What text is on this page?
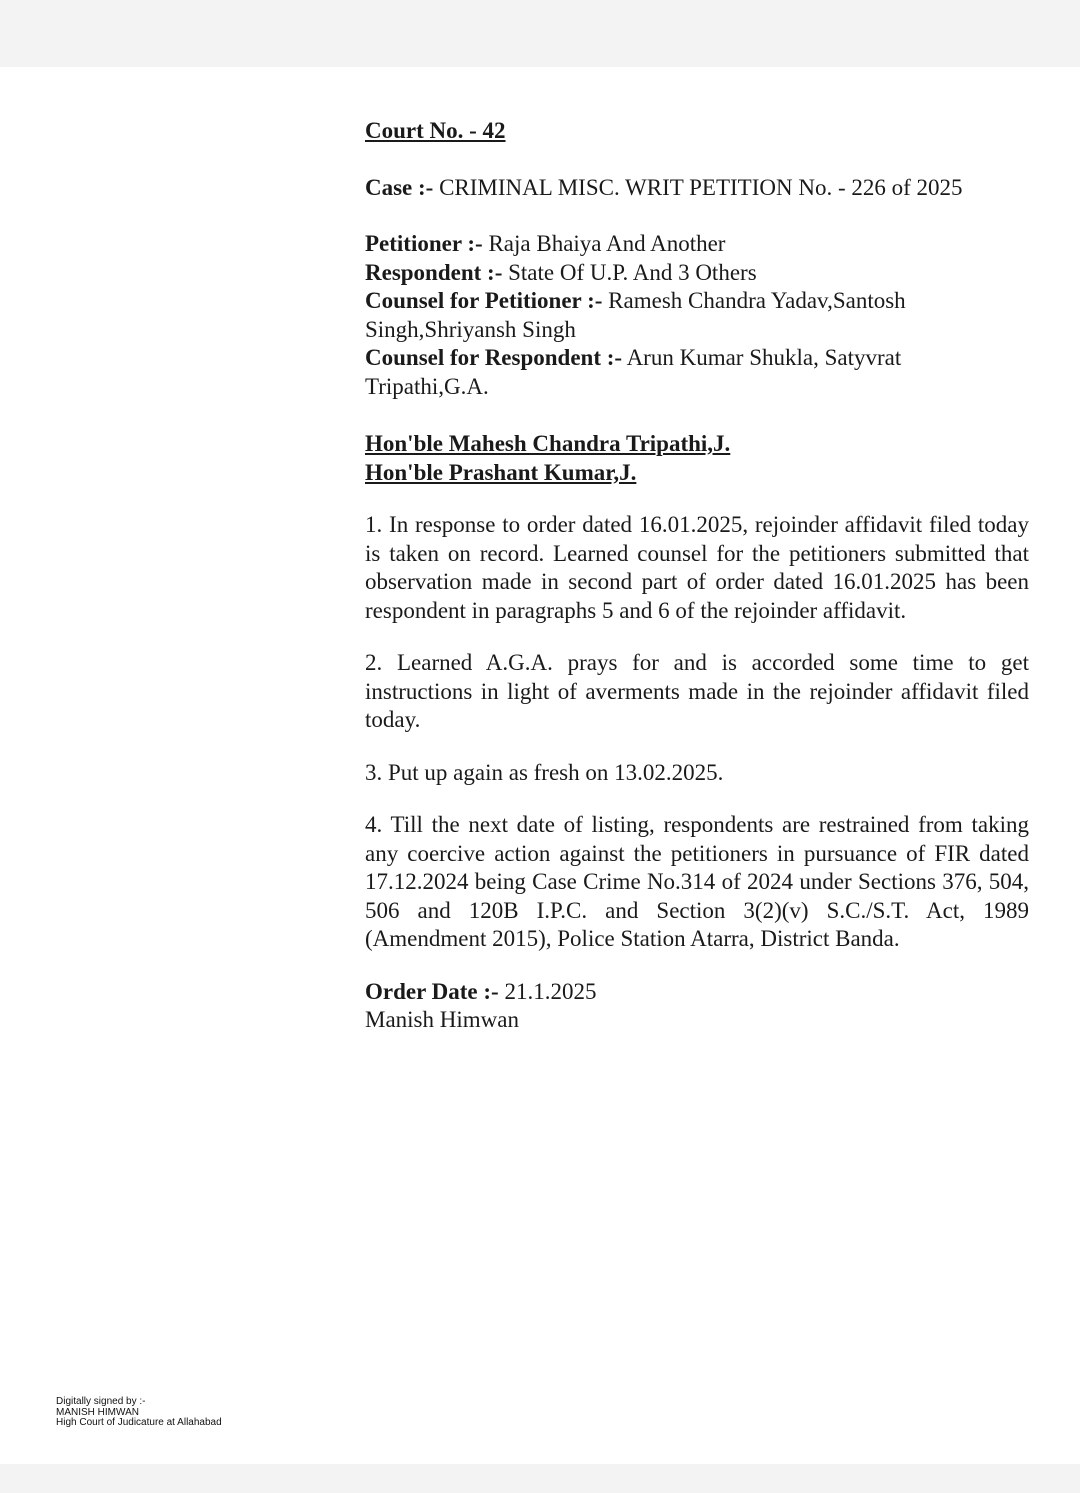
Court No. - 42

Case :- CRIMINAL MISC. WRIT PETITION No. - 226 of 2025

Petitioner :- Raja Bhaiya And Another

Respondent :- State Of U.P. And 3 Others

Counsel for Petitioner :- Ramesh Chandra Yadav,Santosh Singh,Shriyansh Singh

Counsel for Respondent :- Arun Kumar Shukla, Satyvrat Tripathi,G.A.

Hon'ble Mahesh Chandra Tripathi,J.

Hon'ble Prashant Kumar,J.

1. In response to order dated 16.01.2025, rejoinder affidavit filed today is taken on record. Learned counsel for the petitioners submitted that observation made in second part of order dated 16.01.2025 has been respondent in paragraphs 5 and 6 of the rejoinder affidavit.

2. Learned A.G.A. prays for and is accorded some time to get instructions in light of averments made in the rejoinder affidavit filed today.

3. Put up again as fresh on 13.02.2025.

4. Till the next date of listing, respondents are restrained from taking any coercive action against the petitioners in pursuance of FIR dated 17.12.2024 being Case Crime No.314 of 2024 under Sections 376, 504, 506 and 120B I.P.C. and Section 3(2)(v) S.C./S.T. Act, 1989 (Amendment 2015), Police Station Atarra, District Banda.

Order Date :- 21.1.2025

Manish Himwan

Digitally signed by :-
MANISH HIMWAN
High Court of Judicature at Allahabad
